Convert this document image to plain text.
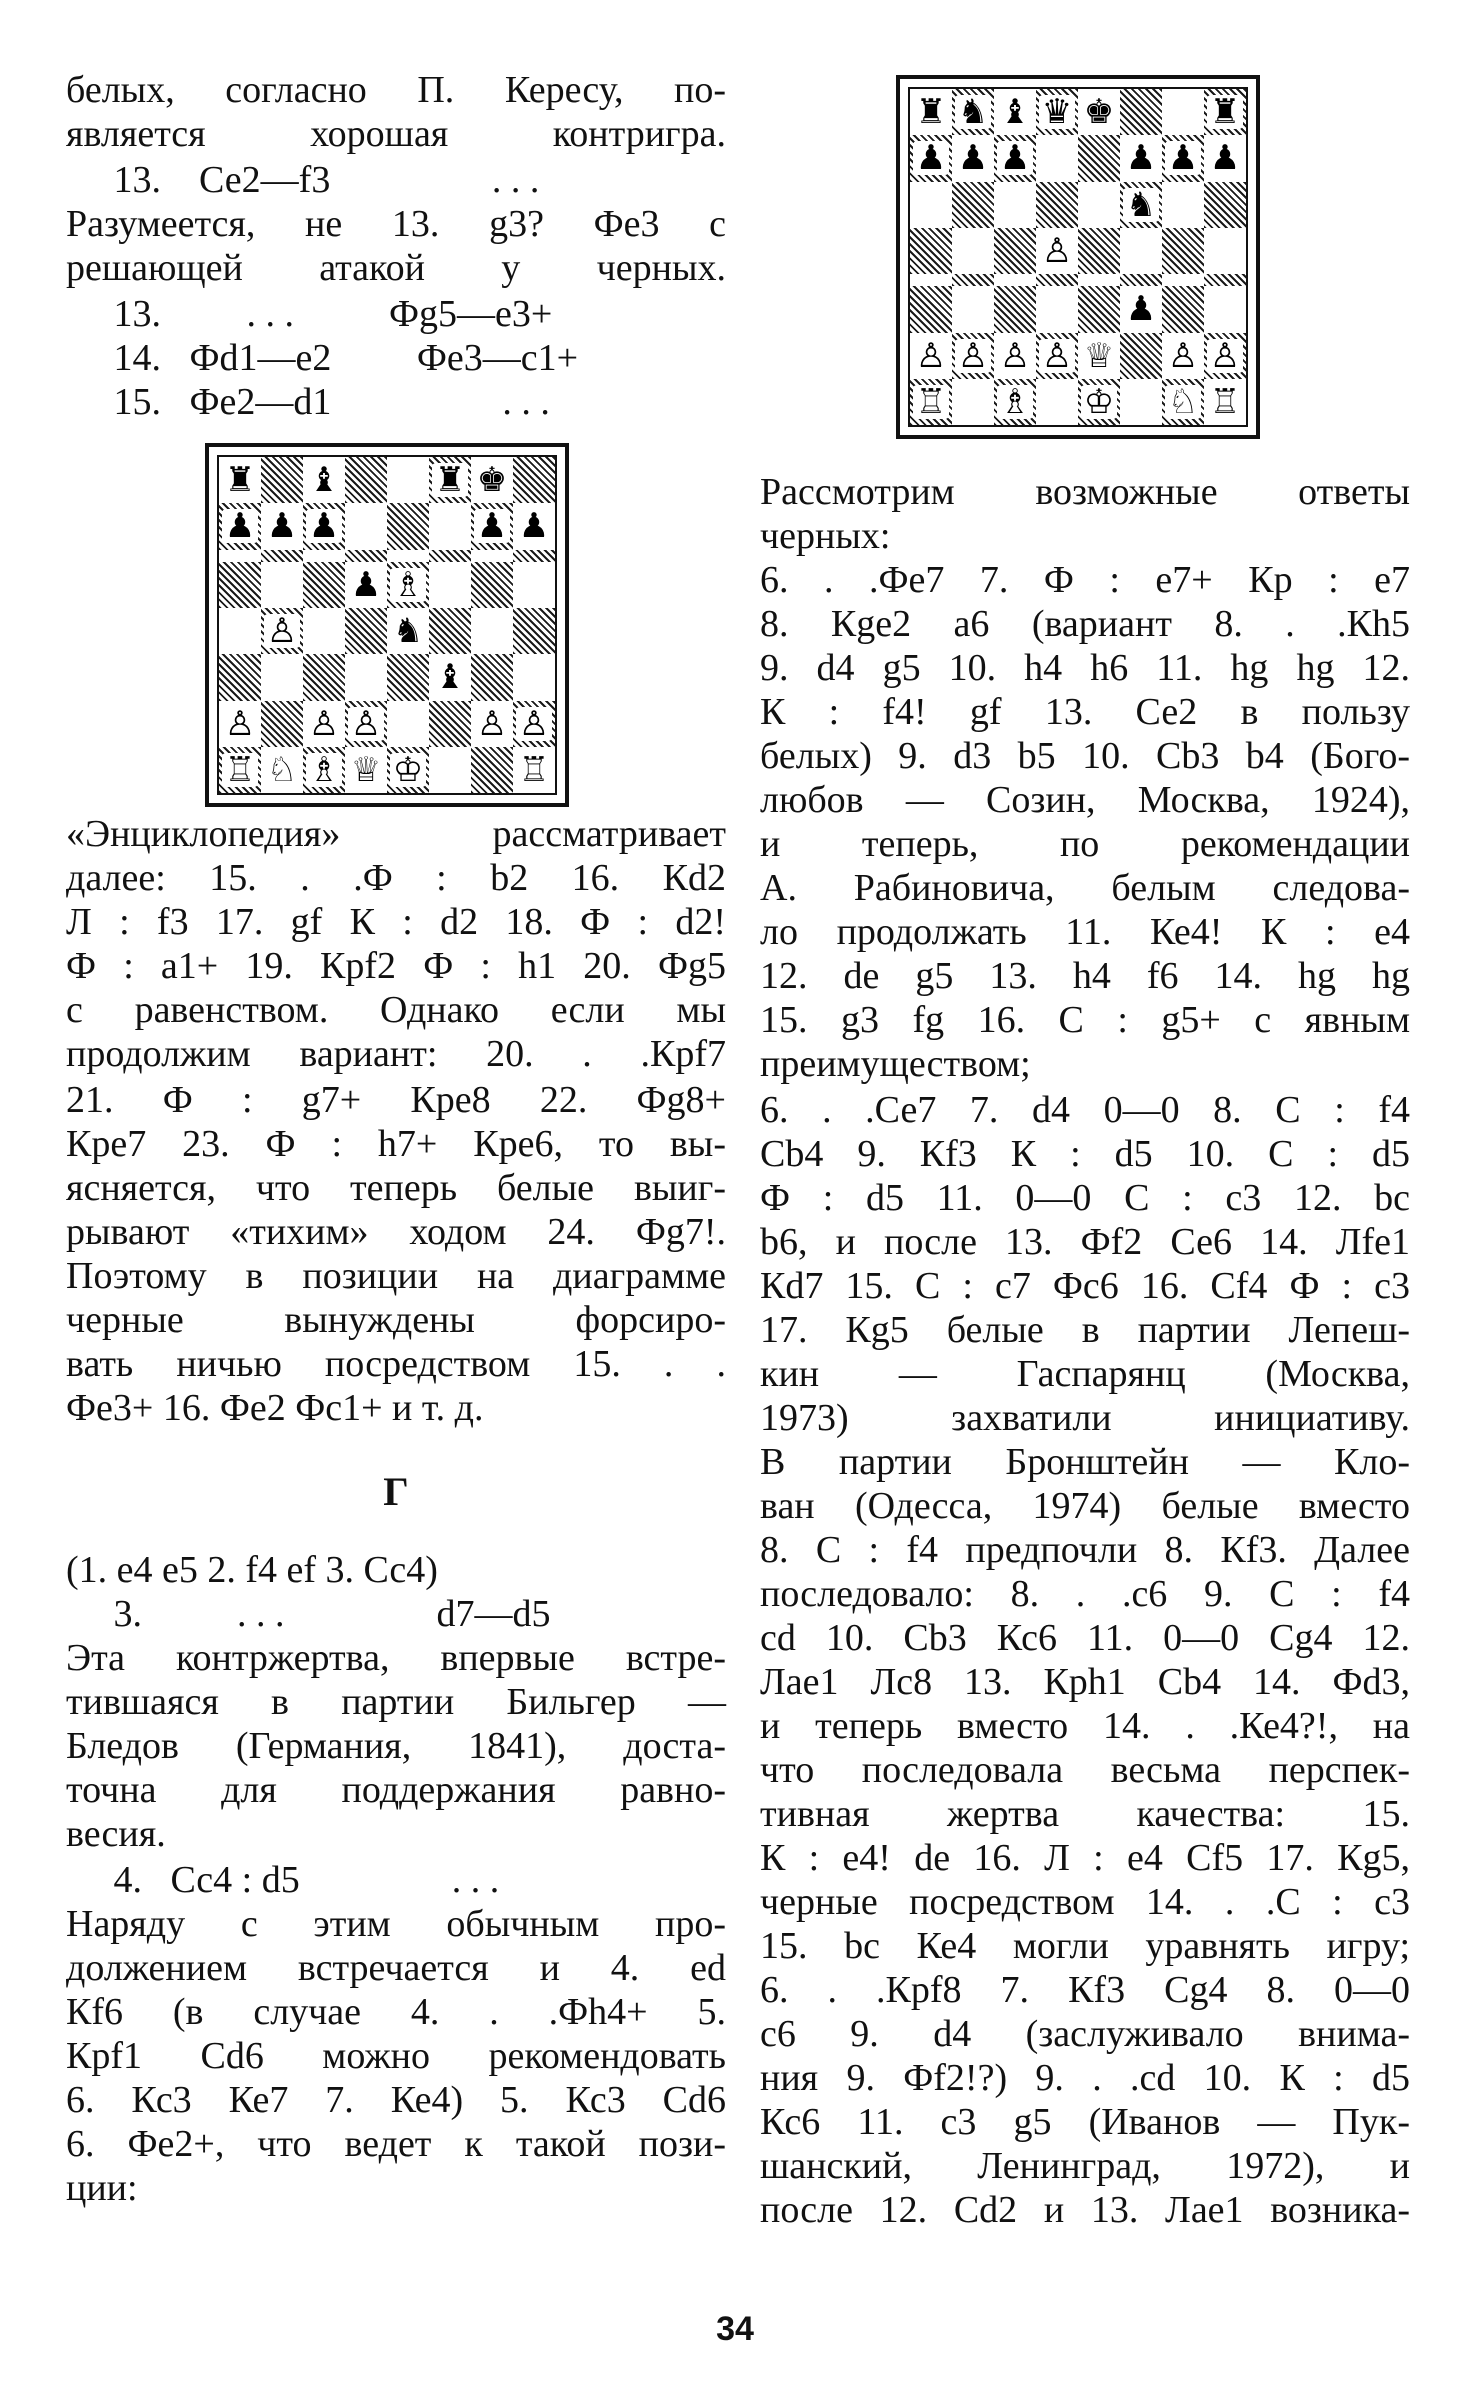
белых, согласно П. Кересу, по-
является хорошая контригра.
13.    Се2—f3                 . . .
Разумеется, не 13. g3? Фе3 с
решающей атакой у черных.
13.         . . .          Фg5—e3+
14.   Фd1—e2         Фе3—c1+
15.   Фе2—d1                  . . .
«Энциклопедия» рассматривает
далее: 15. . .Ф : b2 16. Кd2
Л : f3 17. gf К : d2 18. Ф : d2!
Ф : a1+ 19. Кpf2 Ф : h1 20. Фg5
с равенством. Однако если мы
продолжим вариант: 20. . .Кpf7
21. Ф : g7+ Кре8 22. Фg8+
Кре7 23. Ф : h7+ Кре6, то вы-
ясняется, что теперь белые выиг-
рывают «тихим» ходом 24. Фg7!.
Поэтому в позиции на диаграмме
черные вынуждены форсиро-
вать ничью посредством 15. . .
Фе3+ 16. Фе2 Фс1+ и т. д.
Г
(1. е4 е5 2. f4 ef 3. Сс4)
3.          . . .                d7—d5
Эта контржертва, впервые встре-
тившаяся в партии Бильгер —
Бледов (Германия, 1841), доста-
точна для поддержания равно-
весия.
4.   Сс4 : d5                . . .
Наряду с этим обычным про-
должением встречается и 4. ed
Кf6 (в случае 4. . .Фh4+ 5.
Кpf1 Сd6 можно рекомендовать
6. Кс3 Ке7 7. Ке4) 5. Кс3 Сd6
6. Фе2+, что ведет к такой пози-
ции:
Рассмотрим возможные ответы
черных:
6. . .Фе7 7. Ф : е7+ Кр : е7
8. Кgе2 а6 (вариант 8. . .Кh5
9. d4 g5 10. h4 h6 11. hg hg 12.
К : f4! gf 13. Се2 в пользу
белых) 9. d3 b5 10. Сb3 b4 (Бого-
любов — Созин, Москва, 1924),
и теперь, по рекомендации
А. Рабиновича, белым следова-
ло продолжать 11. Ке4! К : е4
12. de g5 13. h4 f6 14. hg hg
15. g3 fg 16. С : g5+ с явным
преимуществом;
6. . .Се7 7. d4 0—0 8. С : f4
Сb4 9. Кf3 К : d5 10. С : d5
Ф : d5 11. 0—0 С : c3 12. bc
b6, и после 13. Фf2 Се6 14. Лfe1
Кd7 15. С : с7 Фс6 16. Сf4 Ф : с3
17. Кg5 белые в партии Лепеш-
кин — Гаспарянц (Москва,
1973) захватили инициативу.
В партии Бронштейн — Кло-
ван (Одесса, 1974) белые вместо
8. С : f4 предпочли 8. Кf3. Далее
последовало: 8. . .с6 9. С : f4
cd 10. Сb3 Кс6 11. 0—0 Сg4 12.
Лае1 Лс8 13. Кph1 Сb4 14. Фd3,
и теперь вместо 14. . .Ке4?!, на
что последовала весьма перспек-
тивная жертва качества: 15.
К : е4! de 16. Л : е4 Сf5 17. Кg5,
черные посредством 14. . .С : с3
15. bc Ке4 могли уравнять игру;
6. . .Кpf8 7. Кf3 Сg4 8. 0—0
с6 9. d4 (заслуживало внима-
ния 9. Фf2!?) 9. . .cd 10. К : d5
Кс6 11. с3 g5 (Иванов — Пук-
шанский, Ленинград, 1972), и
после 12. Сd2 и 13. Лае1 возника-
♜ ♝	♜ ♚
♟ ♟ ♟	♟ ♟
♟ ♗
♙	♞
♝
♙ ♙ ♙	♙ ♙
♖ ♘ ♗ ♕ ♔	♖
♜ ♞ ♝ ♛ ♚	♜
♟ ♟ ♟	♟ ♟ ♟
♞
♙
♟
♙ ♙ ♙ ♙ ♕ ♙ ♙
♖ ♗ ♔ ♘ ♖
34
